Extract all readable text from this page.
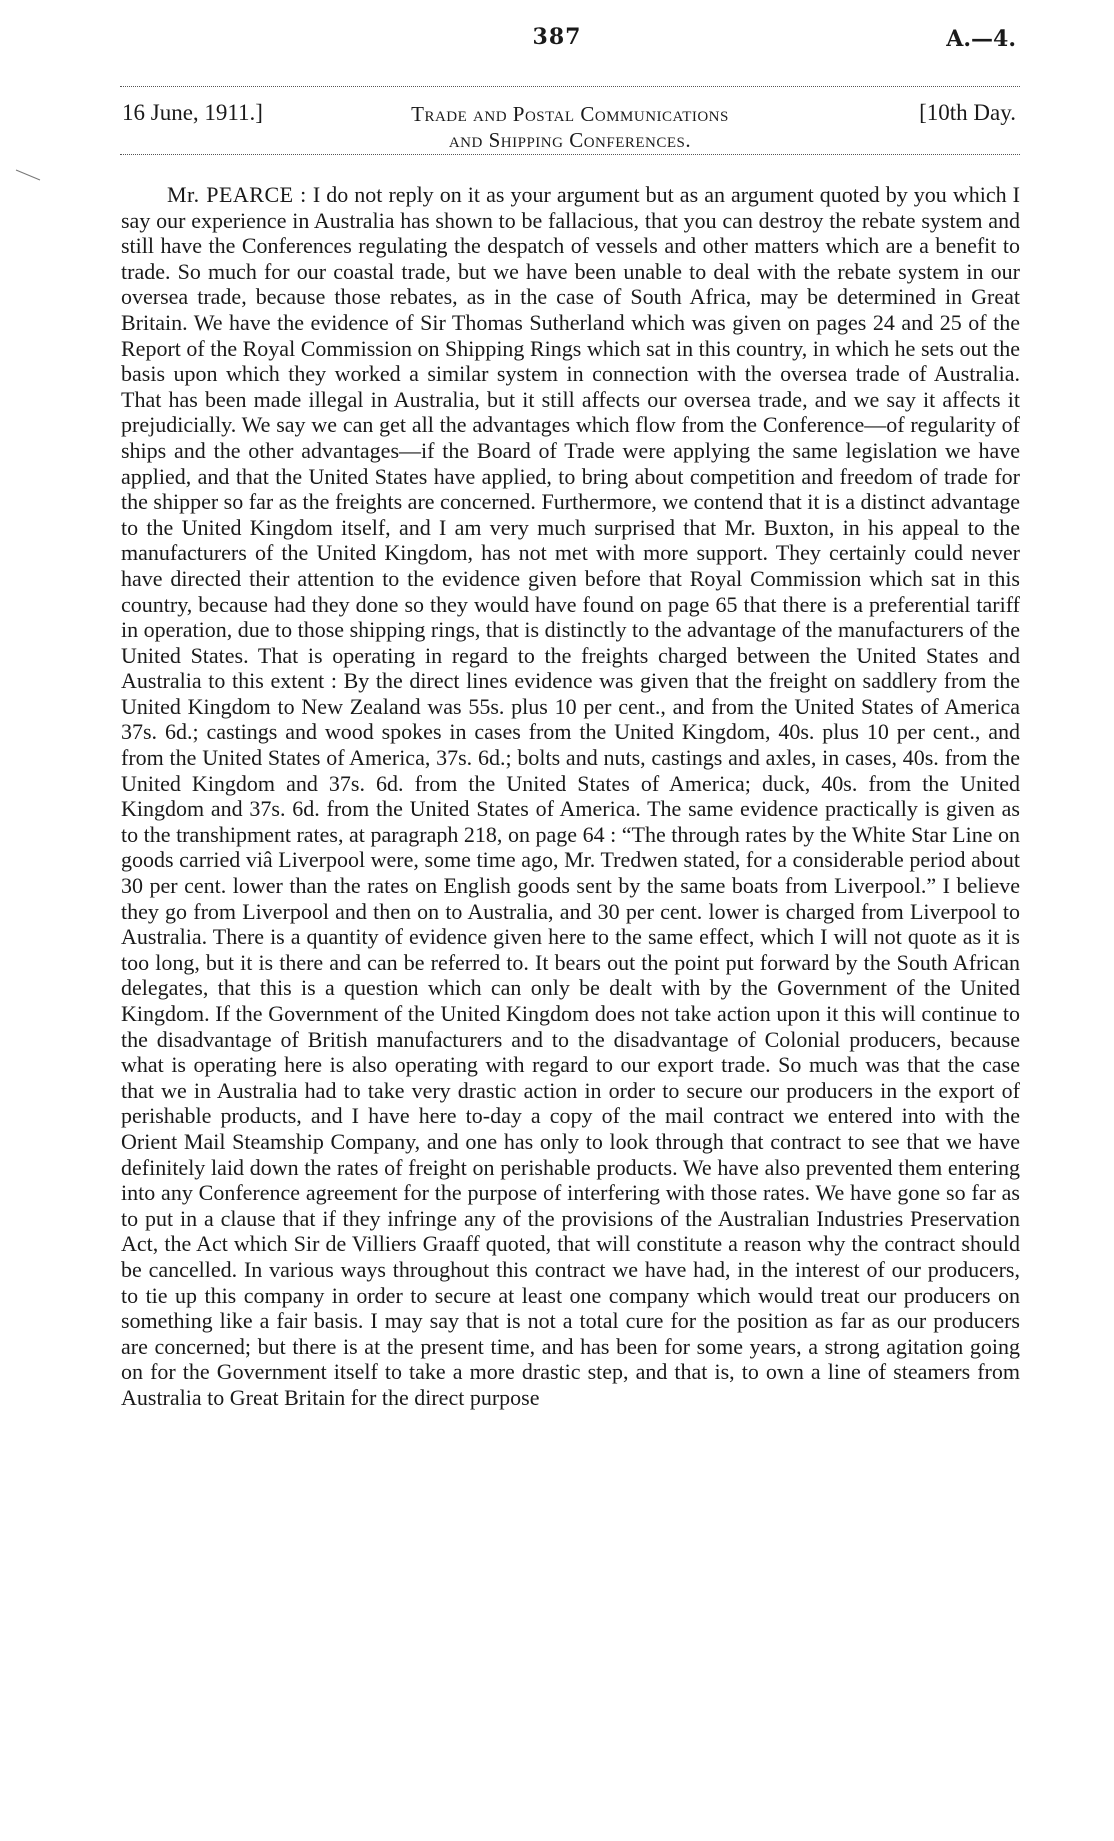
387	A.—4.
16 June, 1911.]	Trade and Postal Communications
and Shipping Conferences.
[10th Day.

Mr. PEARCE : I do not reply on it as your argument but as an argument quoted by you which I say our experience in Australia has shown to be fallacious, that you can destroy the rebate system and still have the Conferences regulating the despatch of vessels and other matters which are a benefit to trade. So much for our coastal trade, but we have been unable to deal with the rebate system in our oversea trade, because those rebates, as in the case of South Africa, may be determined in Great Britain. We have the evidence of Sir Thomas Sutherland which was given on pages 24 and 25 of the Report of the Royal Commission on Shipping Rings which sat in this country, in which he sets out the basis upon which they worked a similar system in connection with the oversea trade of Australia. That has been made illegal in Australia, but it still affects our oversea trade, and we say it affects it prejudicially. We say we can get all the advantages which flow from the Conference—of regularity of ships and the other advantages—if the Board of Trade were applying the same legislation we have applied, and that the United States have applied, to bring about competition and freedom of trade for the shipper so far as the freights are concerned. Furthermore, we contend that it is a distinct advantage to the United Kingdom itself, and I am very much surprised that Mr. Buxton, in his appeal to the manufacturers of the United Kingdom, has not met with more support. They certainly could never have directed their attention to the evidence given before that Royal Commission which sat in this country, because had they done so they would have found on page 65 that there is a preferential tariff in operation, due to those shipping rings, that is distinctly to the advantage of the manufacturers of the United States. That is operating in regard to the freights charged between the United States and Australia to this extent : By the direct lines evidence was given that the freight on saddlery from the United Kingdom to New Zealand was 55s. plus 10 per cent., and from the United States of America 37s. 6d.; castings and wood spokes in cases from the United Kingdom, 40s. plus 10 per cent., and from the United States of America, 37s. 6d.; bolts and nuts, castings and axles, in cases, 40s. from the United Kingdom and 37s. 6d. from the United States of America; duck, 40s. from the United Kingdom and 37s. 6d. from the United States of America. The same evidence practically is given as to the transhipment rates, at paragraph 218, on page 64 : “The through rates by the White Star Line on goods carried viâ Liverpool were, some time ago, Mr. Tredwen stated, for a considerable period about 30 per cent. lower than the rates on English goods sent by the same boats from Liverpool.” I believe they go from Liverpool and then on to Australia, and 30 per cent. lower is charged from Liverpool to Australia. There is a quantity of evidence given here to the same effect, which I will not quote as it is too long, but it is there and can be referred to. It bears out the point put forward by the South African delegates, that this is a question which can only be dealt with by the Government of the United Kingdom. If the Government of the United Kingdom does not take action upon it this will continue to the disadvantage of British manufacturers and to the disadvantage of Colonial producers, because what is operating here is also operating with regard to our export trade. So much was that the case that we in Australia had to take very drastic action in order to secure our producers in the export of perishable products, and I have here to-day a copy of the mail contract we entered into with the Orient Mail Steamship Company, and one has only to look through that contract to see that we have definitely laid down the rates of freight on perishable products. We have also prevented them entering into any Conference agreement for the purpose of interfering with those rates. We have gone so far as to put in a clause that if they infringe any of the provisions of the Australian Industries Preservation Act, the Act which Sir de Villiers Graaff quoted, that will constitute a reason why the contract should be cancelled. In various ways throughout this contract we have had, in the interest of our producers, to tie up this company in order to secure at least one company which would treat our producers on something like a fair basis. I may say that is not a total cure for the position as far as our producers are concerned; but there is at the present time, and has been for some years, a strong agitation going on for the Government itself to take a more drastic step, and that is, to own a line of steamers from Australia to Great Britain for the direct purpose
